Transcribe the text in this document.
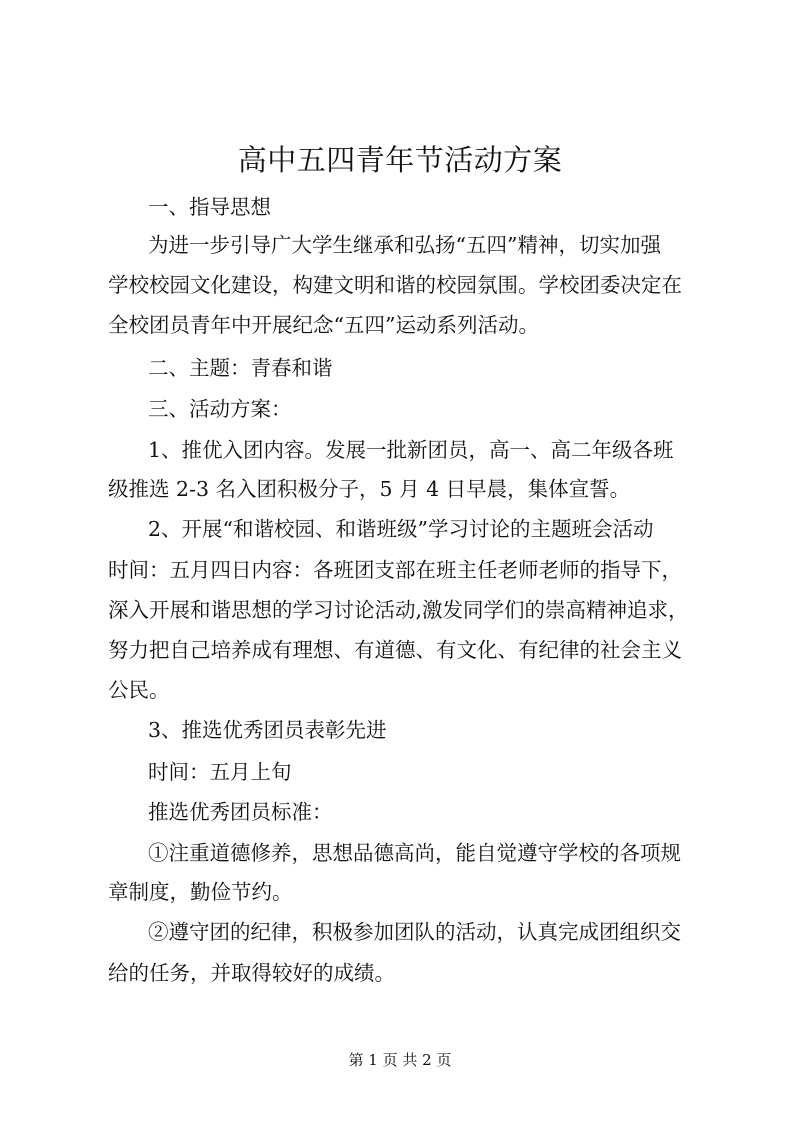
高中五四青年节活动方案

一、指导思想

为进一步引导广大学生继承和弘扬“五四”精神，切实加强

学校校园文化建设，构建文明和谐的校园氛围。学校团委决定在

全校团员青年中开展纪念“五四”运动系列活动。

二、主题：青春和谐

三、活动方案：

1、推优入团内容。发展一批新团员，高一、高二年级各班

级推选 2-3 名入团积极分子，5 月 4 日早晨，集体宣誓。

2、开展“和谐校园、和谐班级”学习讨论的主题班会活动

时间：五月四日内容：各班团支部在班主任老师老师的指导下，

深入开展和谐思想的学习讨论活动,激发同学们的崇高精神追求，

努力把自己培养成有理想、有道德、有文化、有纪律的社会主义

公民。

3、推选优秀团员表彰先进

时间：五月上旬

推选优秀团员标准：

①注重道德修养，思想品德高尚，能自觉遵守学校的各项规

章制度，勤俭节约。

②遵守团的纪律，积极参加团队的活动，认真完成团组织交

给的任务，并取得较好的成绩。

第 1 页 共 2 页
